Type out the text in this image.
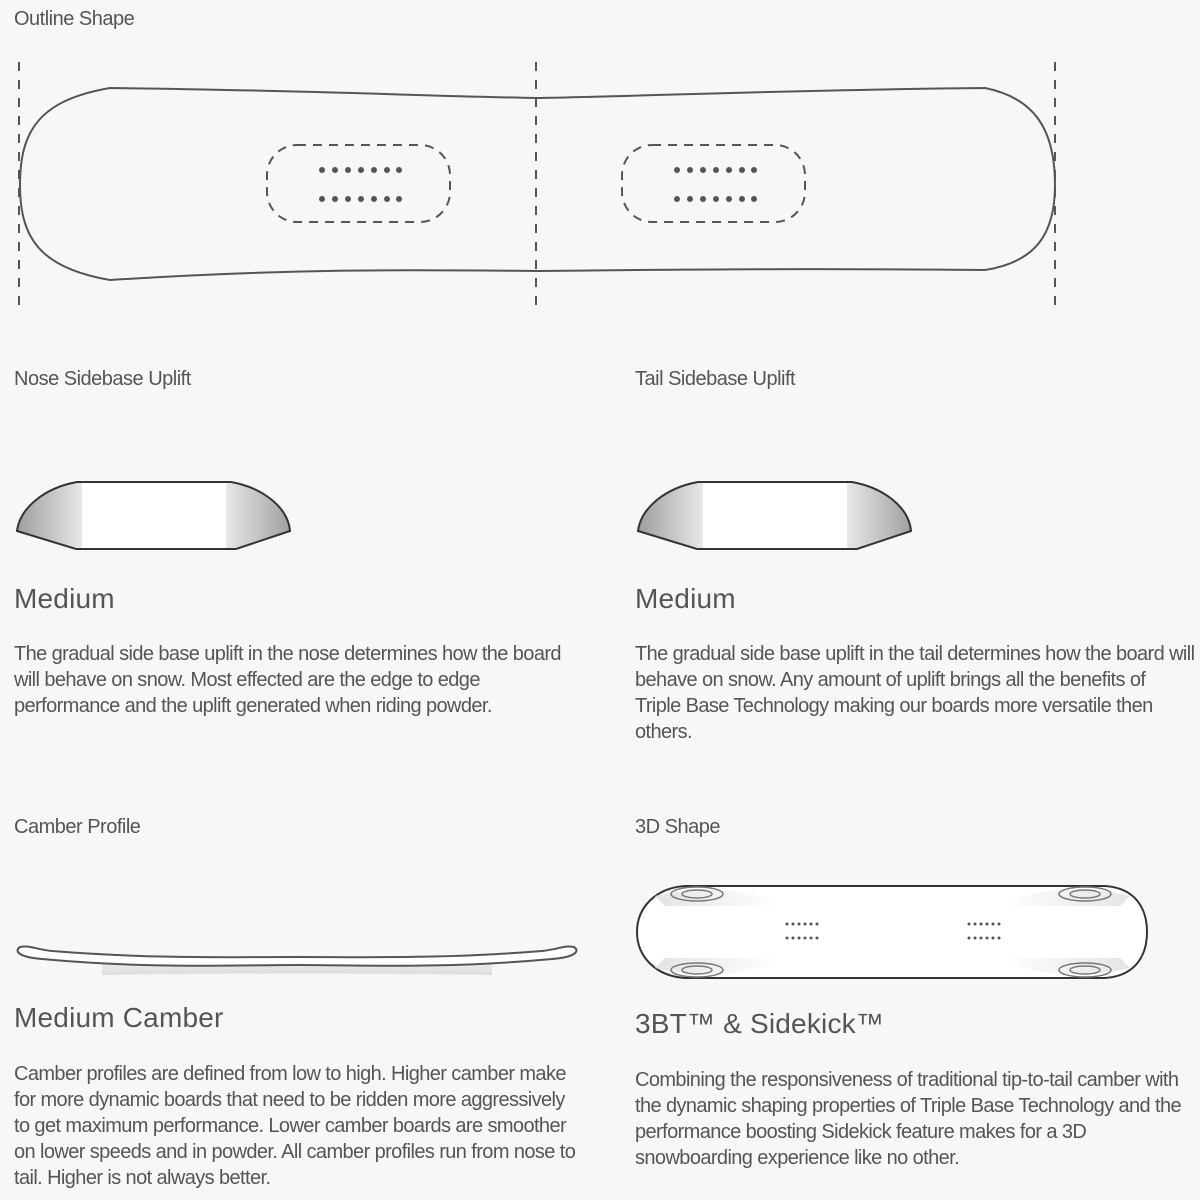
Outline Shape
Nose Sidebase Uplift
Medium

The gradual side base uplift in the nose determines how the board will behave on snow. Most effected are the edge to edge performance and the uplift generated when riding powder.

Tail Sidebase Uplift
Medium

The gradual side base uplift in the tail determines how the board will behave on snow. Any amount of uplift brings all the benefits of Triple Base Technology making our boards more versatile then others.

Camber Profile
Medium Camber

Camber profiles are defined from low to high. Higher camber make for more dynamic boards that need to be ridden more aggressively to get maximum performance. Lower camber boards are smoother on lower speeds and in powder. All camber profiles run from nose to tail. Higher is not always better.

3D Shape
3BT™ & Sidekick™

Combining the responsiveness of traditional tip-to-tail camber with the dynamic shaping properties of Triple Base Technology and the performance boosting Sidekick feature makes for a 3D snowboarding experience like no other.
